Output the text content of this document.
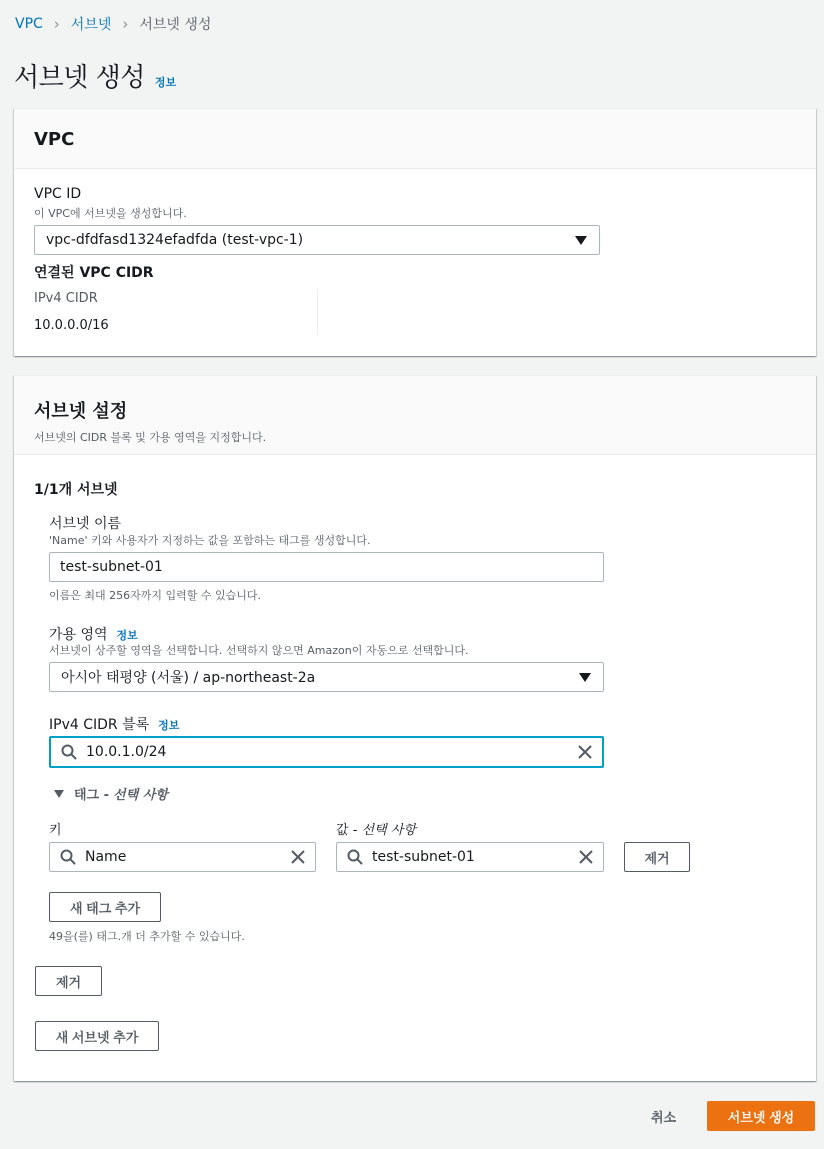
VPC › 서브넷 › 서브넷 생성
서브넷 생성 정보
VPC
VPC ID
이 VPC에 서브넷을 생성합니다.
vpc-dfdfasd1324efadfda (test-vpc-1)
연결된 VPC CIDR
IPv4 CIDR
10.0.0.0/16
서브넷 설정
서브넷의 CIDR 블록 및 가용 영역을 지정합니다.
1/1개 서브넷
서브넷 이름
'Name' 키와 사용자가 지정하는 값을 포함하는 태그를 생성합니다.
test-subnet-01
이름은 최대 256자까지 입력할 수 있습니다.
가용 영역 정보
서브넷이 상주할 영역을 선택합니다. 선택하지 않으면 Amazon이 자동으로 선택합니다.
아시아 태평양 (서울) / ap-northeast-2a
IPv4 CIDR 블록 정보
10.0.1.0/24
태그 - 선택 사항
키	값 - 선택 사항
Name	test-subnet-01	제거
새 태그 추가
49을(를) 태그.개 더 추가할 수 있습니다.
제거
새 서브넷 추가
취소	서브넷 생성
